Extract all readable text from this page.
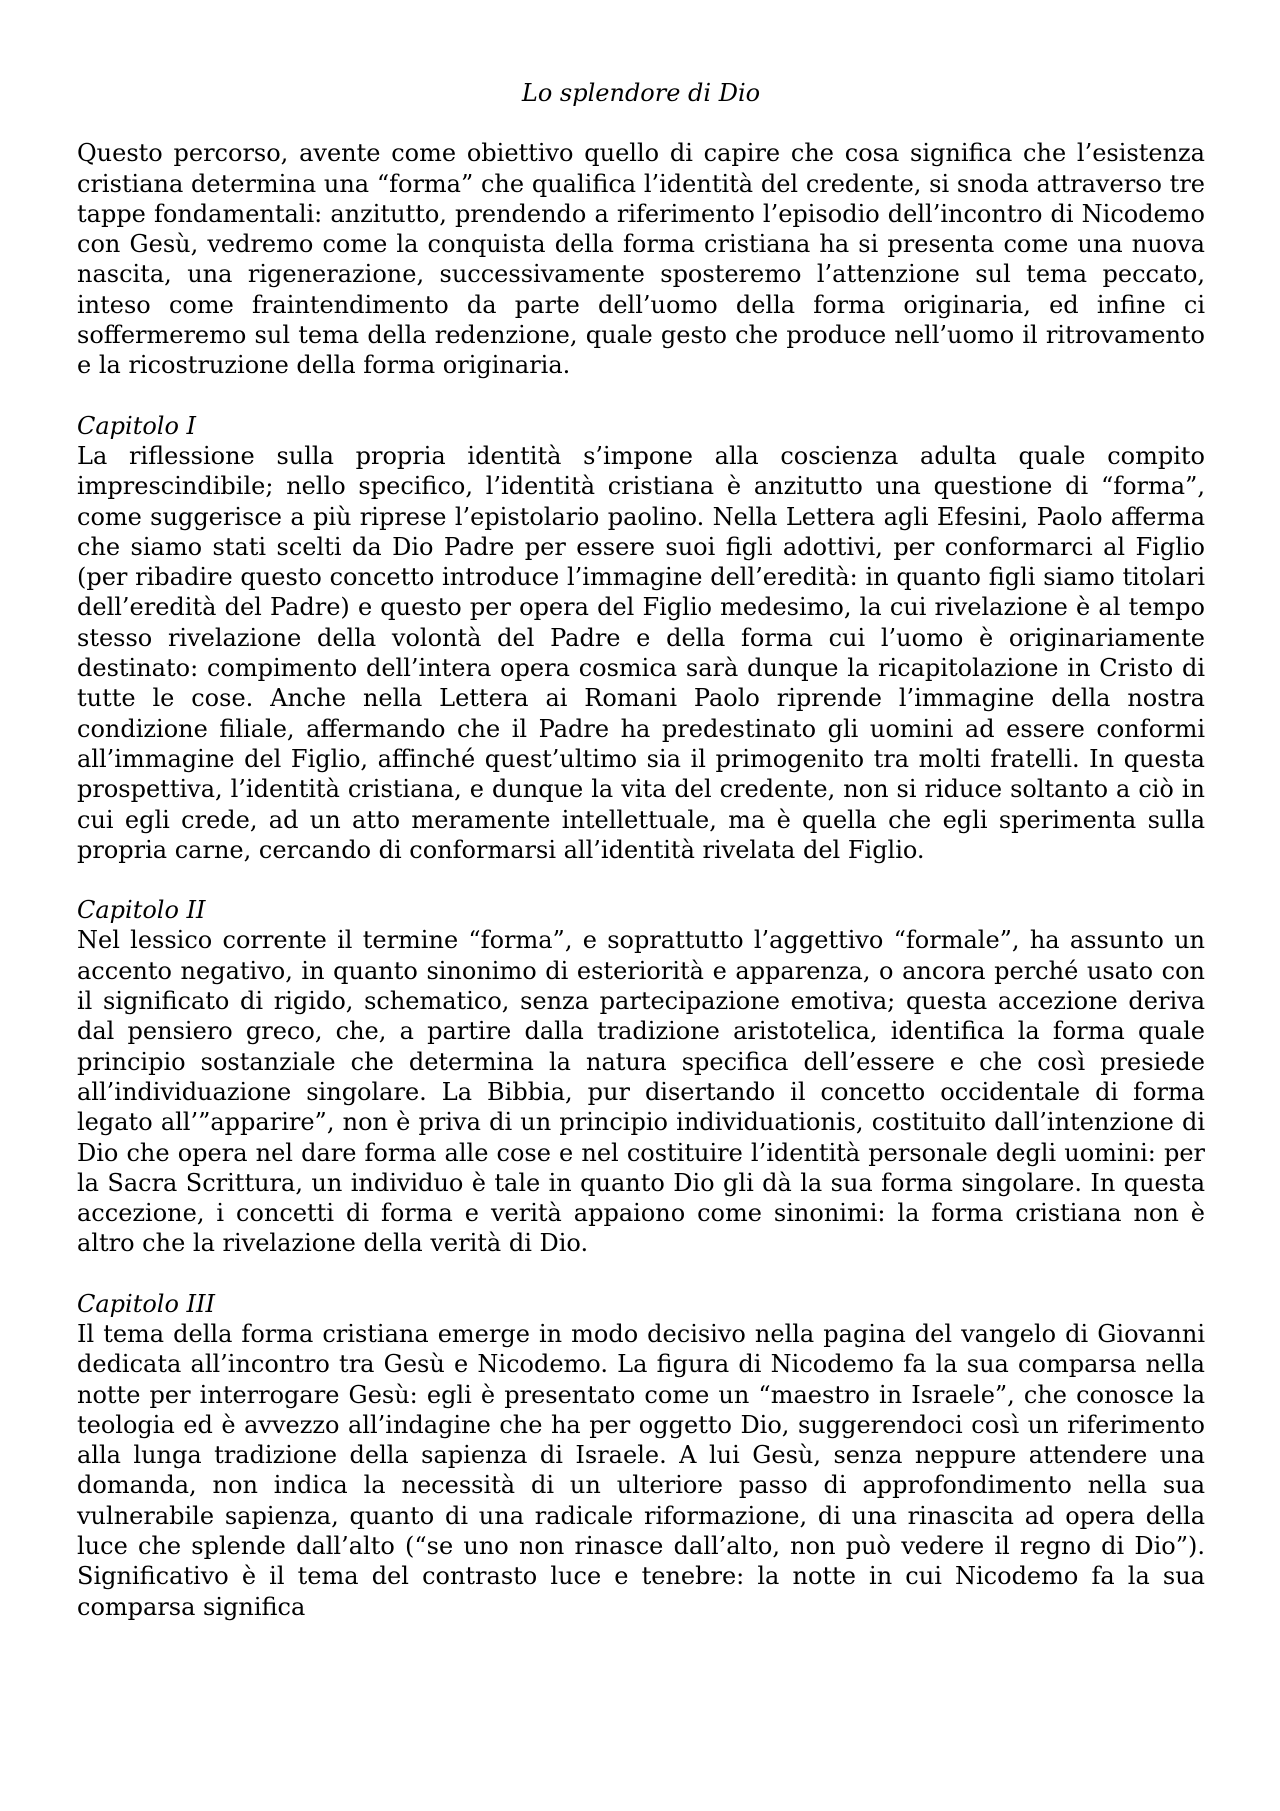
Lo splendore di Dio

Questo percorso, avente come obiettivo quello di capire che cosa significa che l’esistenza cristiana determina una “forma” che qualifica l’identità del credente, si snoda attraverso tre tappe fondamentali: anzitutto, prendendo a riferimento l’episodio dell’incontro di Nicodemo con Gesù, vedremo come la conquista della forma cristiana ha si presenta come una nuova nascita, una rigenerazione, successivamente sposteremo l’attenzione sul tema peccato, inteso come fraintendimento da parte dell’uomo della forma originaria, ed infine ci soffermeremo sul tema della redenzione, quale gesto che produce nell’uomo il ritrovamento e la ricostruzione della forma originaria.

Capitolo I

La riflessione sulla propria identità s’impone alla coscienza adulta quale compito imprescindibile; nello specifico, l’identità cristiana è anzitutto una questione di “forma”, come suggerisce a più riprese l’epistolario paolino. Nella Lettera agli Efesini, Paolo afferma che siamo stati scelti da Dio Padre per essere suoi figli adottivi, per conformarci al Figlio (per ribadire questo concetto introduce l’immagine dell’eredità: in quanto figli siamo titolari dell’eredità del Padre) e questo per opera del Figlio medesimo, la cui rivelazione è al tempo stesso rivelazione della volontà del Padre e della forma cui l’uomo è originariamente destinato: compimento dell’intera opera cosmica sarà dunque la ricapitolazione in Cristo di tutte le cose. Anche nella Lettera ai Romani Paolo riprende l’immagine della nostra condizione filiale, affermando che il Padre ha predestinato gli uomini ad essere conformi all’immagine del Figlio, affinché quest’ultimo sia il primogenito tra molti fratelli. In questa prospettiva, l’identità cristiana, e dunque la vita del credente, non si riduce soltanto a ciò in cui egli crede, ad un atto meramente intellettuale, ma è quella che egli sperimenta sulla propria carne, cercando di conformarsi all’identità rivelata del Figlio.

Capitolo II

Nel lessico corrente il termine “forma”, e soprattutto l’aggettivo “formale”, ha assunto un accento negativo, in quanto sinonimo di esteriorità e apparenza, o ancora perché usato con il significato di rigido, schematico, senza partecipazione emotiva; questa accezione deriva dal pensiero greco, che, a partire dalla tradizione aristotelica, identifica la forma quale principio sostanziale che determina la natura specifica dell’essere e che così presiede all’individuazione singolare. La Bibbia, pur disertando il concetto occidentale di forma legato all’”apparire”, non è priva di un principio individuationis, costituito dall’intenzione di Dio che opera nel dare forma alle cose e nel costituire l’identità personale degli uomini: per la Sacra Scrittura, un individuo è tale in quanto Dio gli dà la sua forma singolare. In questa accezione, i concetti di forma e verità appaiono come sinonimi: la forma cristiana non è altro che la rivelazione della verità di Dio.

Capitolo III

Il tema della forma cristiana emerge in modo decisivo nella pagina del vangelo di Giovanni dedicata all’incontro tra Gesù e Nicodemo. La figura di Nicodemo fa la sua comparsa nella notte per interrogare Gesù: egli è presentato come un “maestro in Israele”, che conosce la teologia ed è avvezzo all’indagine che ha per oggetto Dio, suggerendoci così un riferimento alla lunga tradizione della sapienza di Israele. A lui Gesù, senza neppure attendere una domanda, non indica la necessità di un ulteriore passo di approfondimento nella sua vulnerabile sapienza, quanto di una radicale riformazione, di una rinascita ad opera della luce che splende dall’alto (“se uno non rinasce dall’alto, non può vedere il regno di Dio”). Significativo è il tema del contrasto luce e tenebre: la notte in cui Nicodemo fa la sua comparsa significa
